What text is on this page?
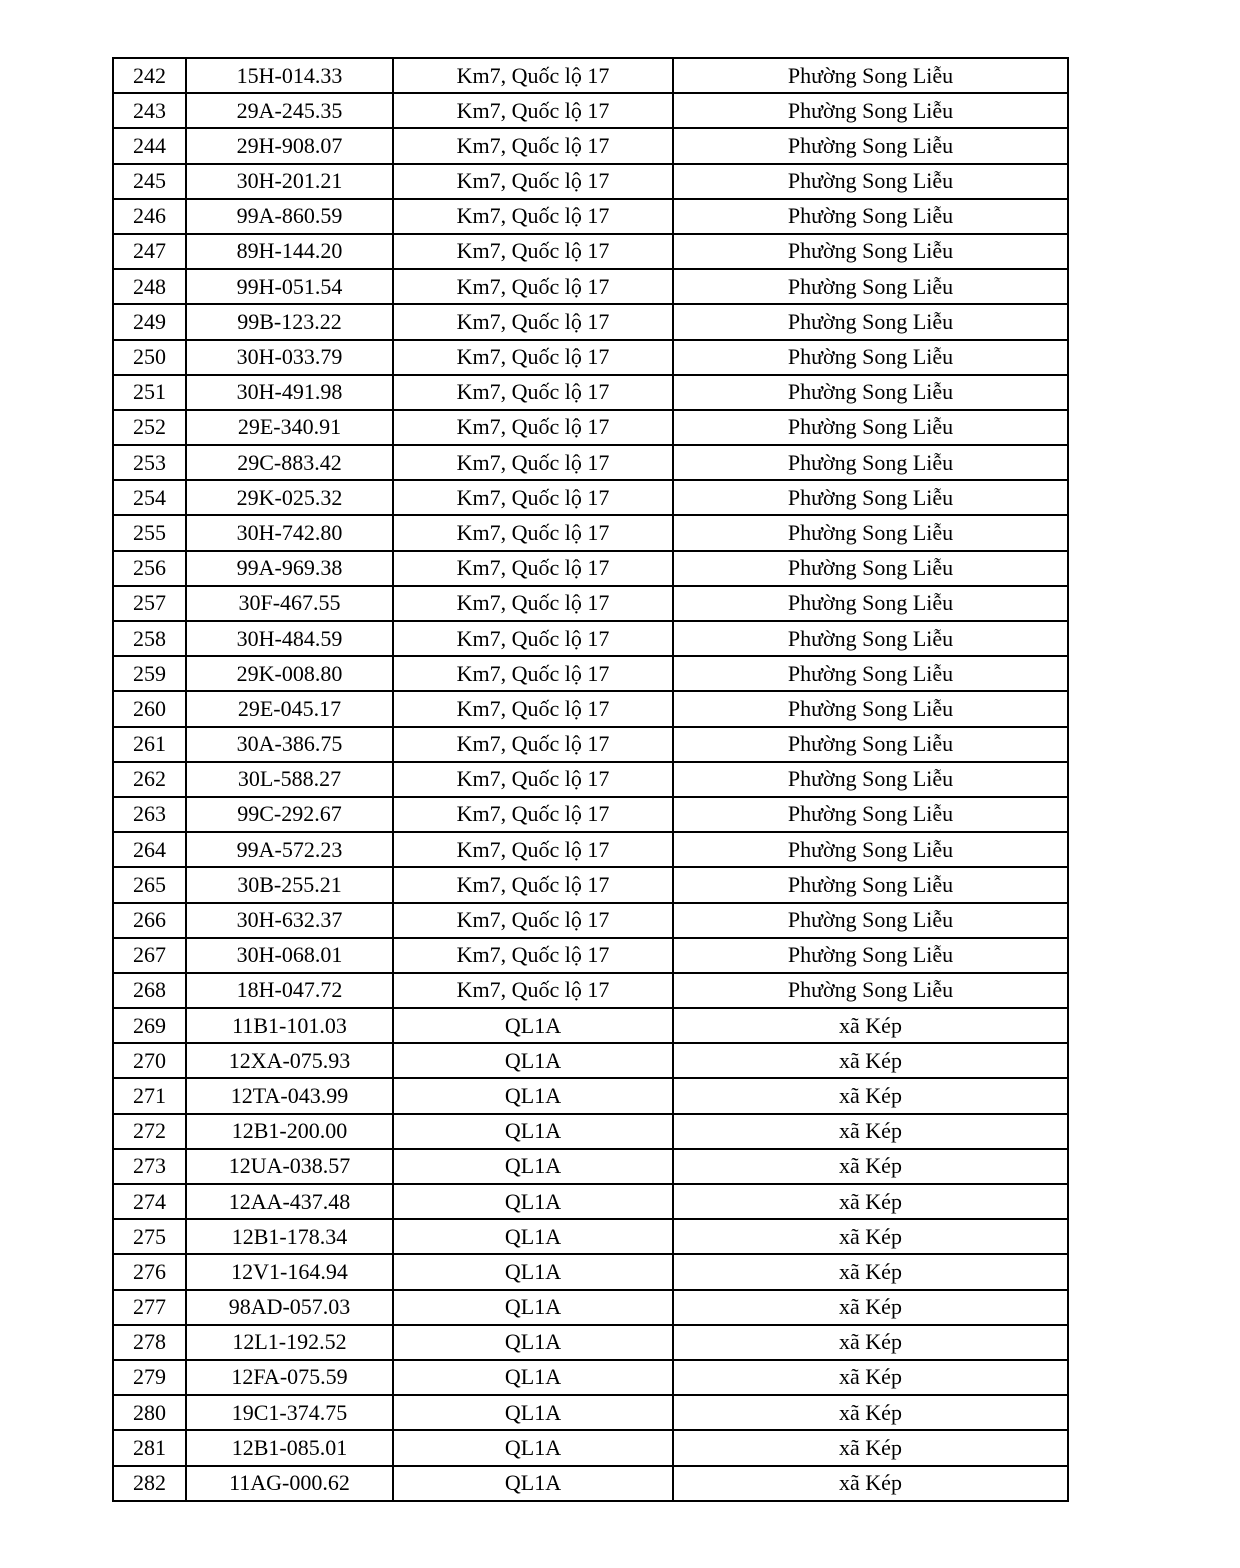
242	15H-014.33	Km7, Quốc lộ 17	Phường Song Liễu
243	29A-245.35	Km7, Quốc lộ 17	Phường Song Liễu
244	29H-908.07	Km7, Quốc lộ 17	Phường Song Liễu
245	30H-201.21	Km7, Quốc lộ 17	Phường Song Liễu
246	99A-860.59	Km7, Quốc lộ 17	Phường Song Liễu
247	89H-144.20	Km7, Quốc lộ 17	Phường Song Liễu
248	99H-051.54	Km7, Quốc lộ 17	Phường Song Liễu
249	99B-123.22	Km7, Quốc lộ 17	Phường Song Liễu
250	30H-033.79	Km7, Quốc lộ 17	Phường Song Liễu
251	30H-491.98	Km7, Quốc lộ 17	Phường Song Liễu
252	29E-340.91	Km7, Quốc lộ 17	Phường Song Liễu
253	29C-883.42	Km7, Quốc lộ 17	Phường Song Liễu
254	29K-025.32	Km7, Quốc lộ 17	Phường Song Liễu
255	30H-742.80	Km7, Quốc lộ 17	Phường Song Liễu
256	99A-969.38	Km7, Quốc lộ 17	Phường Song Liễu
257	30F-467.55	Km7, Quốc lộ 17	Phường Song Liễu
258	30H-484.59	Km7, Quốc lộ 17	Phường Song Liễu
259	29K-008.80	Km7, Quốc lộ 17	Phường Song Liễu
260	29E-045.17	Km7, Quốc lộ 17	Phường Song Liễu
261	30A-386.75	Km7, Quốc lộ 17	Phường Song Liễu
262	30L-588.27	Km7, Quốc lộ 17	Phường Song Liễu
263	99C-292.67	Km7, Quốc lộ 17	Phường Song Liễu
264	99A-572.23	Km7, Quốc lộ 17	Phường Song Liễu
265	30B-255.21	Km7, Quốc lộ 17	Phường Song Liễu
266	30H-632.37	Km7, Quốc lộ 17	Phường Song Liễu
267	30H-068.01	Km7, Quốc lộ 17	Phường Song Liễu
268	18H-047.72	Km7, Quốc lộ 17	Phường Song Liễu
269	11B1-101.03	QL1A	xã Kép
270	12XA-075.93	QL1A	xã Kép
271	12TA-043.99	QL1A	xã Kép
272	12B1-200.00	QL1A	xã Kép
273	12UA-038.57	QL1A	xã Kép
274	12AA-437.48	QL1A	xã Kép
275	12B1-178.34	QL1A	xã Kép
276	12V1-164.94	QL1A	xã Kép
277	98AD-057.03	QL1A	xã Kép
278	12L1-192.52	QL1A	xã Kép
279	12FA-075.59	QL1A	xã Kép
280	19C1-374.75	QL1A	xã Kép
281	12B1-085.01	QL1A	xã Kép
282	11AG-000.62	QL1A	xã Kép
